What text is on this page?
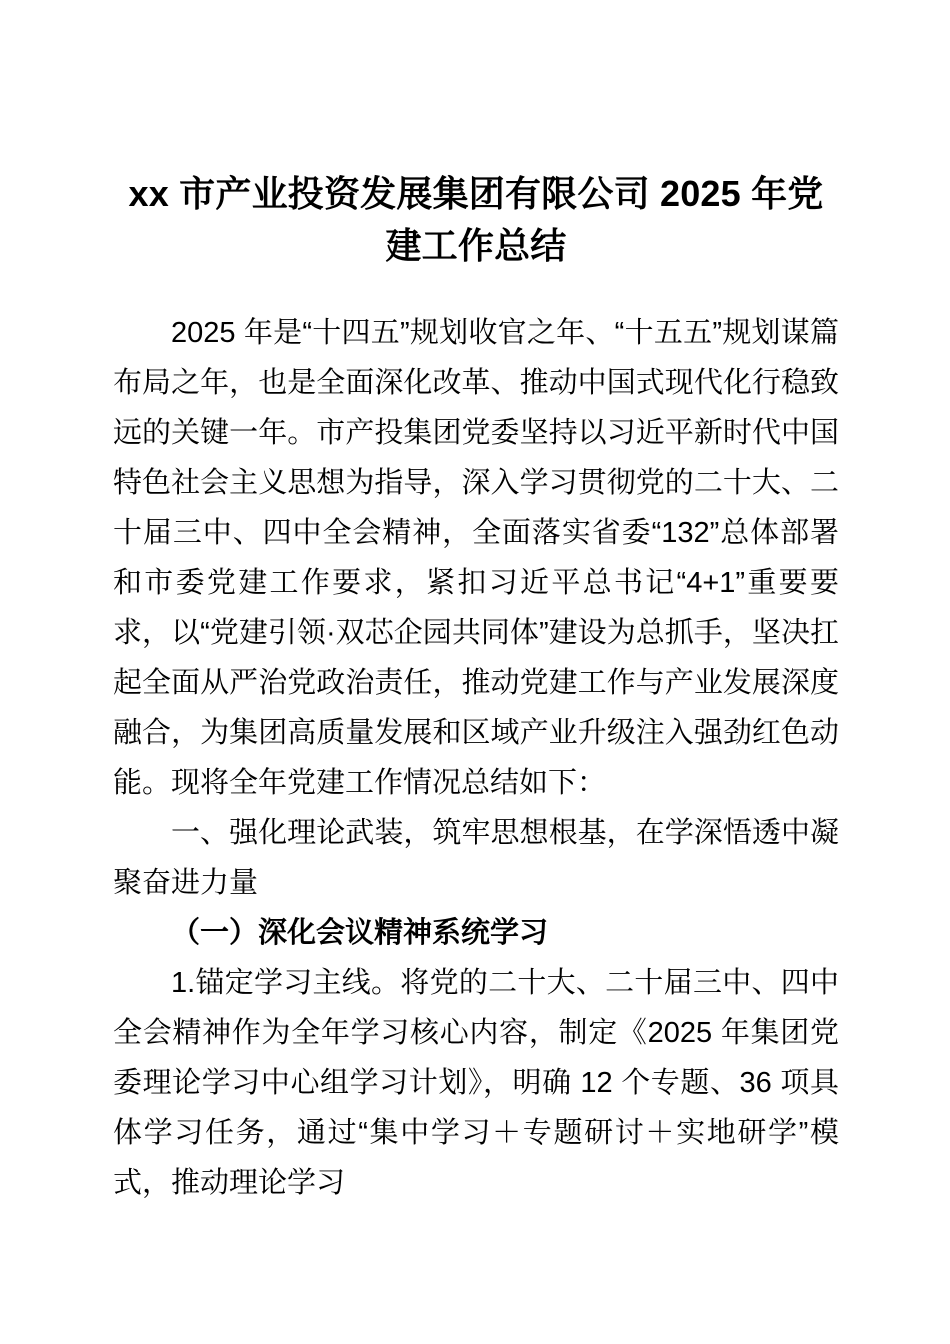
xx 市产业投资发展集团有限公司 2025 年党
建工作总结

2025 年是“十四五”规划收官之年、“十五五”规划谋篇布局之年，也是全面深化改革、推动中国式现代化行稳致远的关键一年。市产投集团党委坚持以习近平新时代中国特色社会主义思想为指导，深入学习贯彻党的二十大、二十届三中、四中全会精神，全面落实省委“132”总体部署和市委党建工作要求，紧扣习近平总书记“4+1”重要要求，以“党建引领·双芯企园共同体”建设为总抓手，坚决扛起全面从严治党政治责任，推动党建工作与产业发展深度融合，为集团高质量发展和区域产业升级注入强劲红色动能。现将全年党建工作情况总结如下：

一、强化理论武装，筑牢思想根基，在学深悟透中凝聚奋进力量

（一）深化会议精神系统学习

1.锚定学习主线。将党的二十大、二十届三中、四中全会精神作为全年学习核心内容，制定《2025 年集团党委理论学习中心组学习计划》，明确 12 个专题、36 项具体学习任务，通过“集中学习＋专题研讨＋实地研学”模式，推动理论学习
